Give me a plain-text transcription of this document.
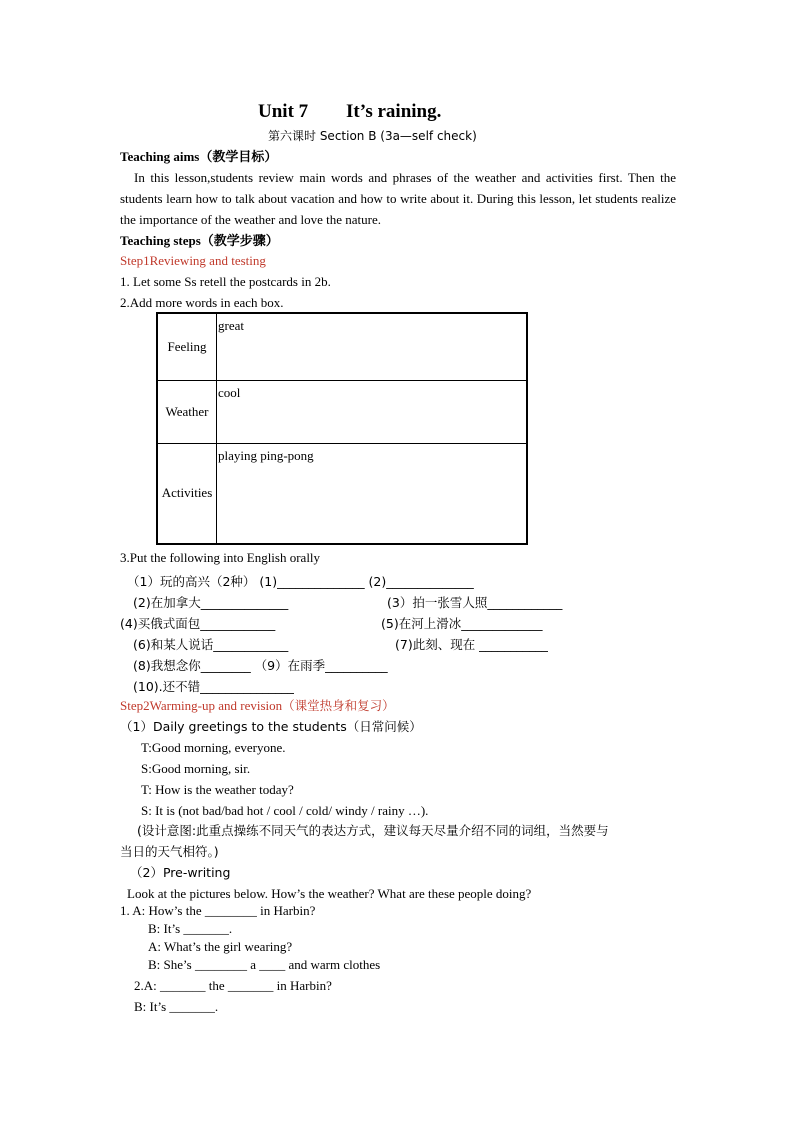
Unit 7 It’s raining.
第六课时 Section B (3a—self check)
Teaching aims（教学目标）
In this lesson,students review main words and phrases of the weather and activities first. Then the students learn how to talk about vacation and how to write about it. During this lesson, let students realize the importance of the weather and love the nature.
Teaching steps（教学步骤）
Step1Reviewing and testing
1. Let some Ss retell the postcards in 2b.
2.Add more words in each box.
Feeling	great
Weather	cool
Activities	playing ping-pong
3.Put the following into English orally
（1）玩的高兴（2种） (1)______________ (2)______________
(2)在加拿大______________	(3）拍一张雪人照____________
(4)买俄式面包____________	(5)在河上滑冰_____________
(6)和某人说话____________	(7)此刻、现在 ___________
(8)我想念你________ （9）在雨季__________
(10).还不错_______________
Step2Warming-up and revision（课堂热身和复习）
（1）Daily greetings to the students（日常问候）
T:Good morning, everyone.
S:Good morning, sir.
T: How is the weather today?
S: It is (not bad/bad hot / cool / cold/ windy / rainy …).
(设计意图:此重点操练不同天气的表达方式，建议每天尽量介绍不同的词组，当然要与
当日的天气相符。)
（2）Pre-writing
Look at the pictures below. How’s the weather? What are these people doing?
1. A: How’s the ________ in Harbin?
B: It’s _______.
A: What’s the girl wearing?
B: She’s ________ a ____ and warm clothes
2.A: _______ the _______ in Harbin?
B: It’s _______.
